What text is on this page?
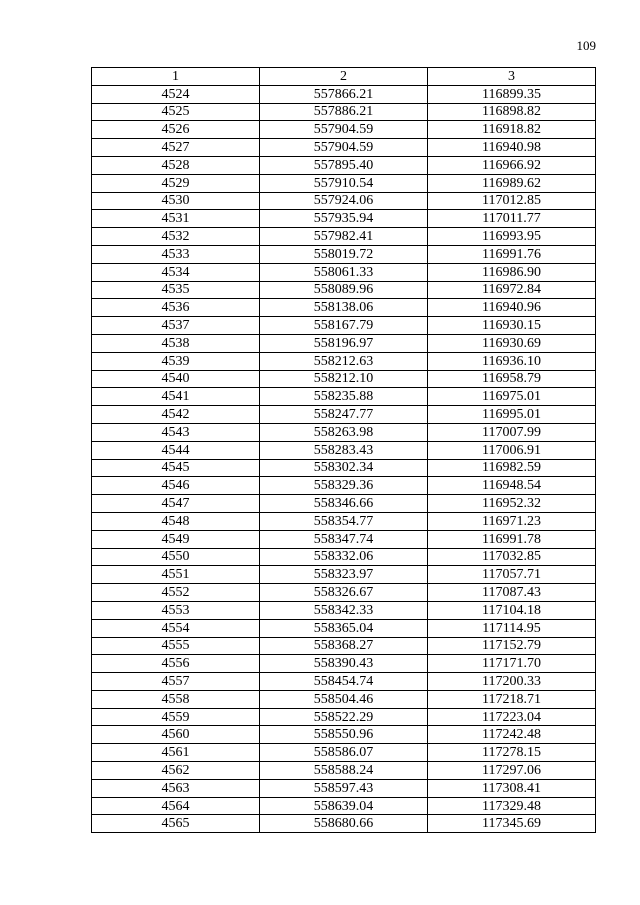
109
1	2	3
4524	557866.21	116899.35
4525	557886.21	116898.82
4526	557904.59	116918.82
4527	557904.59	116940.98
4528	557895.40	116966.92
4529	557910.54	116989.62
4530	557924.06	117012.85
4531	557935.94	117011.77
4532	557982.41	116993.95
4533	558019.72	116991.76
4534	558061.33	116986.90
4535	558089.96	116972.84
4536	558138.06	116940.96
4537	558167.79	116930.15
4538	558196.97	116930.69
4539	558212.63	116936.10
4540	558212.10	116958.79
4541	558235.88	116975.01
4542	558247.77	116995.01
4543	558263.98	117007.99
4544	558283.43	117006.91
4545	558302.34	116982.59
4546	558329.36	116948.54
4547	558346.66	116952.32
4548	558354.77	116971.23
4549	558347.74	116991.78
4550	558332.06	117032.85
4551	558323.97	117057.71
4552	558326.67	117087.43
4553	558342.33	117104.18
4554	558365.04	117114.95
4555	558368.27	117152.79
4556	558390.43	117171.70
4557	558454.74	117200.33
4558	558504.46	117218.71
4559	558522.29	117223.04
4560	558550.96	117242.48
4561	558586.07	117278.15
4562	558588.24	117297.06
4563	558597.43	117308.41
4564	558639.04	117329.48
4565	558680.66	117345.69
